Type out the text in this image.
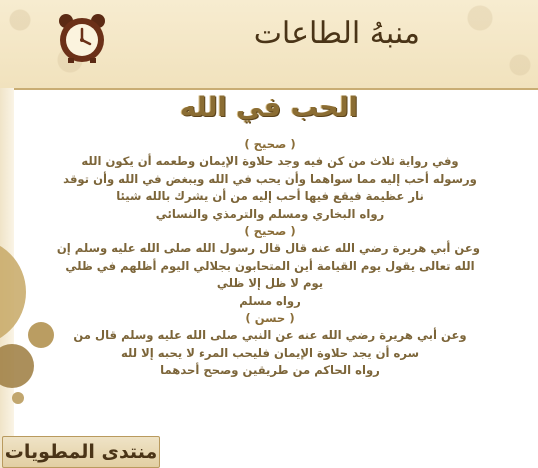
منبهُ الطاعات
الحب في الله
( صحيح )
وفي رواية ثلاث من كن فيه وجد حلاوة الإيمان وطعمه أن يكون الله
ورسوله أحب إليه مما سواهما وأن يحب في الله ويبغض في الله وأن توقد
نار عظيمة فيقع فيها أحب إليه من أن يشرك بالله شيئا
رواه البخاري ومسلم والترمذي والنسائي
( صحيح )
وعن أبي هريرة رضي الله عنه قال قال رسول الله صلى الله عليه وسلم إن
الله تعالى يقول يوم القيامة أين المتحابون بجلالي اليوم أظلهم في ظلي
يوم لا ظل إلا ظلي
رواه مسلم
( حسن )
وعن أبي هريرة رضي الله عنه عن النبي صلى الله عليه وسلم قال من
سره أن يجد حلاوة الإيمان فليحب المرء لا يحبه إلا لله
رواه الحاكم من طريقين وصحح أحدهما
منتدى المطويات
